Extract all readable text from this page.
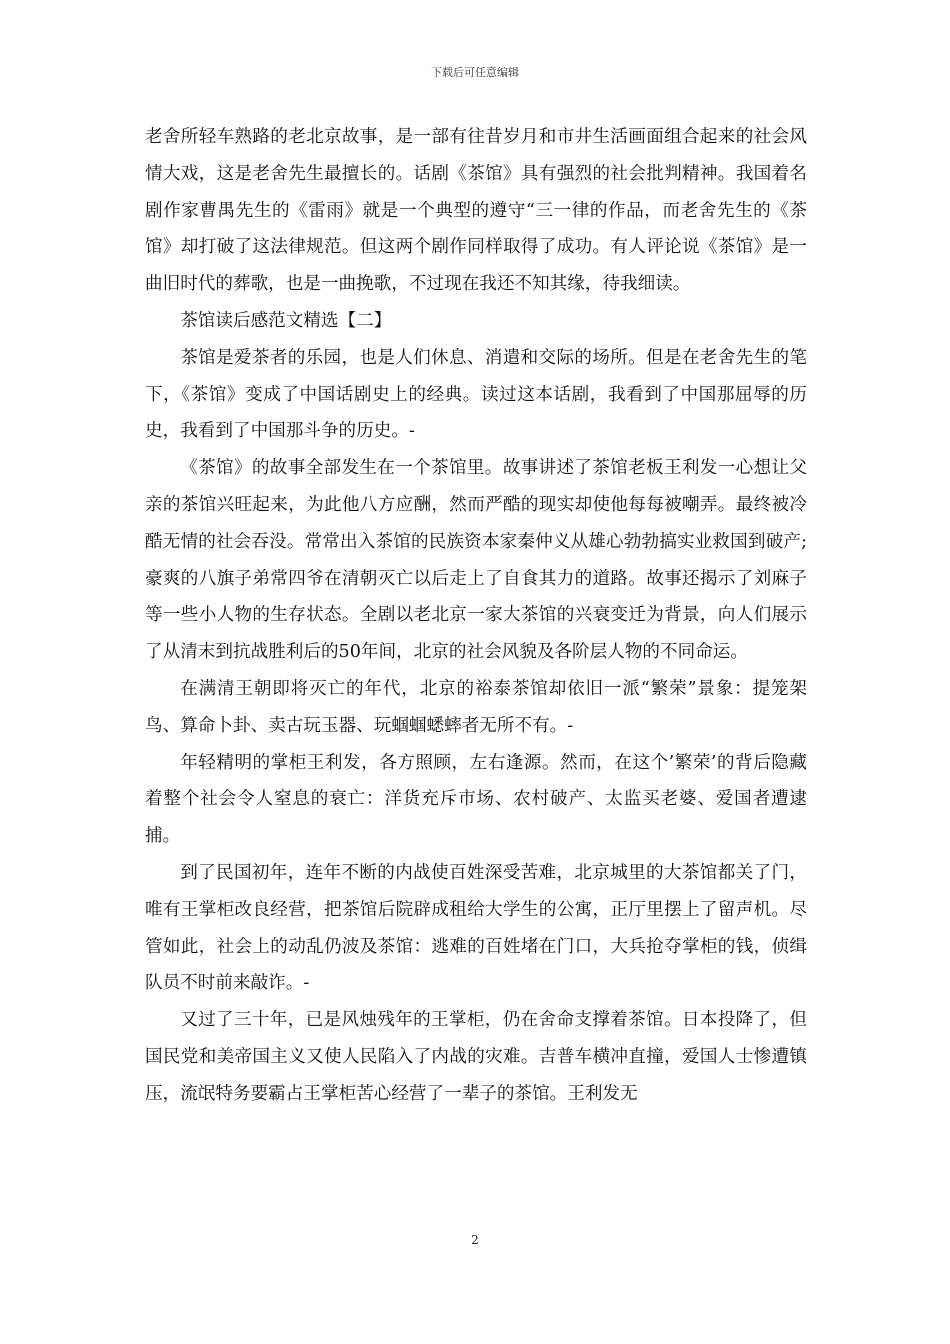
下载后可任意编辑

老舍所轻车熟路的老北京故事，是一部有往昔岁月和市井生活画面组合起来的社会风情大戏，这是老舍先生最擅长的。话剧《茶馆》具有强烈的社会批判精神。我国着名剧作家曹禺先生的《雷雨》就是一个典型的遵守“三一律的作品，而老舍先生的《茶馆》却打破了这法律规范。但这两个剧作同样取得了成功。有人评论说《茶馆》是一曲旧时代的葬歌，也是一曲挽歌，不过现在我还不知其缘，待我细读。

茶馆读后感范文精选【二】

茶馆是爱茶者的乐园，也是人们休息、消遣和交际的场所。但是在老舍先生的笔下，《茶馆》变成了中国话剧史上的经典。读过这本话剧，我看到了中国那屈辱的历史，我看到了中国那斗争的历史。-

《茶馆》的故事全部发生在一个茶馆里。故事讲述了茶馆老板王利发一心想让父亲的茶馆兴旺起来，为此他八方应酬，然而严酷的现实却使他每每被嘲弄。最终被冷酷无情的社会吞没。常常出入茶馆的民族资本家秦仲义从雄心勃勃搞实业救国到破产;豪爽的八旗子弟常四爷在清朝灭亡以后走上了自食其力的道路。故事还揭示了刘麻子等一些小人物的生存状态。全剧以老北京一家大茶馆的兴衰变迁为背景，向人们展示了从清末到抗战胜利后的50年间，北京的社会风貌及各阶层人物的不同命运。

在满清王朝即将灭亡的年代，北京的裕泰茶馆却依旧一派“繁荣”景象：提笼架鸟、算命卜卦、卖古玩玉器、玩蝈蝈蟋蟀者无所不有。-

年轻精明的掌柜王利发，各方照顾，左右逢源。然而，在这个’繁荣’的背后隐藏着整个社会令人窒息的衰亡：洋货充斥市场、农村破产、太监买老婆、爱国者遭逮捕。

到了民国初年，连年不断的内战使百姓深受苦难，北京城里的大茶馆都关了门，唯有王掌柜改良经营，把茶馆后院辟成租给大学生的公寓，正厅里摆上了留声机。尽管如此，社会上的动乱仍波及茶馆：逃难的百姓堵在门口，大兵抢夺掌柜的钱，侦缉队员不时前来敲诈。-

又过了三十年，已是风烛残年的王掌柜，仍在舍命支撑着茶馆。日本投降了，但国民党和美帝国主义又使人民陷入了内战的灾难。吉普车横冲直撞，爱国人士惨遭镇压，流氓特务要霸占王掌柜苦心经营了一辈子的茶馆。王利发无

2
